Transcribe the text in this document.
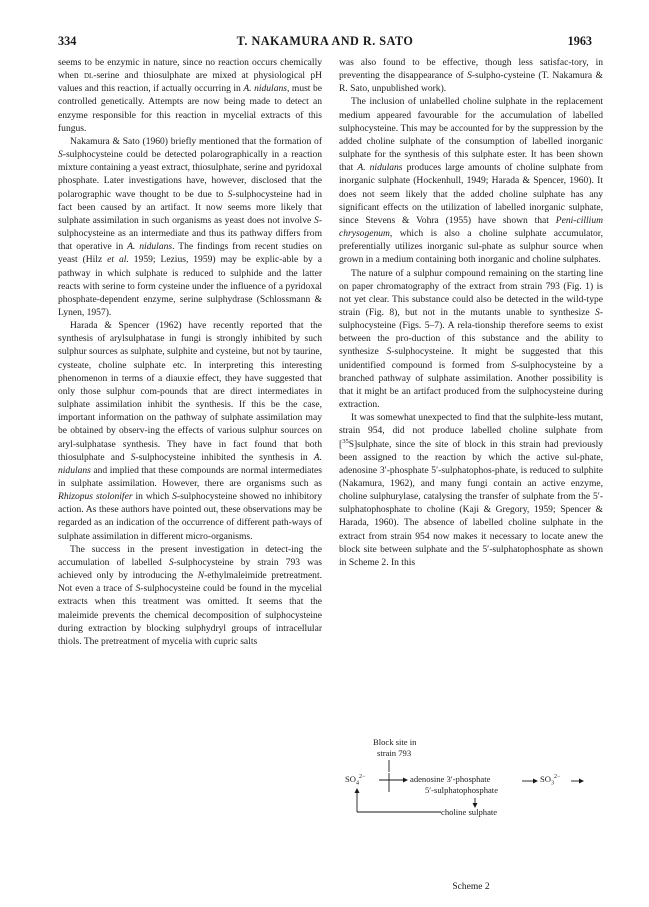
334	T. NAKAMURA AND R. SATO	1963

seems to be enzymic in nature, since no reaction occurs chemically when dl-serine and thiosulphate are mixed at physiological pH values and this reaction, if actually occurring in A. nidulans, must be controlled genetically. Attempts are now being made to detect an enzyme responsible for this reaction in mycelial extracts of this fungus.

Nakamura & Sato (1960) briefly mentioned that the formation of S-sulphocysteine could be detected polarographically in a reaction mixture containing a yeast extract, thiosulphate, serine and pyridoxal phosphate. Later investigations have, however, disclosed that the polarographic wave thought to be due to S-sulphocysteine had in fact been caused by an artifact. It now seems more likely that sulphate assimilation in such organisms as yeast does not involve S-sulphocysteine as an intermediate and thus its pathway differs from that operative in A. nidulans. The findings from recent studies on yeast (Hilz et al. 1959; Lezius, 1959) may be explic-able by a pathway in which sulphate is reduced to sulphide and the latter reacts with serine to form cysteine under the influence of a pyridoxal phosphate-dependent enzyme, serine sulphydrase (Schlossmann & Lynen, 1957).

Harada & Spencer (1962) have recently reported that the synthesis of arylsulphatase in fungi is strongly inhibited by such sulphur sources as sulphate, sulphite and cysteine, but not by taurine, cysteate, choline sulphate etc. In interpreting this interesting phenomenon in terms of a diauxie effect, they have suggested that only those sulphur com-pounds that are direct intermediates in sulphate assimilation inhibit the synthesis. If this be the case, important information on the pathway of sulphate assimilation may be obtained by observ-ing the effects of various sulphur sources on aryl-sulphatase synthesis. They have in fact found that both thiosulphate and S-sulphocysteine inhibited the synthesis in A. nidulans and implied that these compounds are normal intermediates in sulphate assimilation. However, there are organisms such as Rhizopus stolonifer in which S-sulphocysteine showed no inhibitory action. As these authors have pointed out, these observations may be regarded as an indication of the occurrence of different path-ways of sulphate assimilation in different micro-organisms.

The success in the present investigation in detect-ing the accumulation of labelled S-sulphocysteine by strain 793 was achieved only by introducing the N-ethylmaleimide pretreatment. Not even a trace of S-sulphocysteine could be found in the mycelial extracts when this treatment was omitted. It seems that the maleimide prevents the chemical decomposition of sulphocysteine during extraction by blocking sulphydryl groups of intracellular thiols. The pretreatment of mycelia with cupric salts

was also found to be effective, though less satisfac-tory, in preventing the disappearance of S-sulpho-cysteine (T. Nakamura & R. Sato, unpublished work).

The inclusion of unlabelled choline sulphate in the replacement medium appeared favourable for the accumulation of labelled sulphocysteine. This may be accounted for by the suppression by the added choline sulphate of the consumption of labelled inorganic sulphate for the synthesis of this sulphate ester. It has been shown that A. nidulans produces large amounts of choline sulphate from inorganic sulphate (Hockenhull, 1949; Harada & Spencer, 1960). It does not seem likely that the added choline sulphate has any significant effects on the utilization of labelled inorganic sulphate, since Stevens & Vohra (1955) have shown that Peni-cillium chrysogenum, which is also a choline sulphate accumulator, preferentially utilizes inorganic sul-phate as sulphur source when grown in a medium containing both inorganic and choline sulphates.

The nature of a sulphur compound remaining on the starting line on paper chromatography of the extract from strain 793 (Fig. 1) is not yet clear. This substance could also be detected in the wild-type strain (Fig. 8), but not in the mutants unable to synthesize S-sulphocysteine (Figs. 5–7). A rela-tionship therefore seems to exist between the pro-duction of this substance and the ability to synthesize S-sulphocysteine. It might be suggested that this unidentified compound is formed from S-sulphocysteine by a branched pathway of sulphate assimilation. Another possibility is that it might be an artifact produced from the sulphocysteine during extraction.

It was somewhat unexpected to find that the sulphite-less mutant, strain 954, did not produce labelled choline sulphate from [$^{35}$S]sulphate, since the site of block in this strain had previously been assigned to the reaction by which the active sul-phate, adenosine 3′-phosphate 5′-sulphatophos-phate, is reduced to sulphite (Nakamura, 1962), and many fungi contain an active enzyme, choline sulphurylase, catalysing the transfer of sulphate from the 5′-sulphatophosphate to choline (Kaji & Gregory, 1959; Spencer & Harada, 1960). The absence of labelled choline sulphate in the extract from strain 954 now makes it necessary to locate anew the block site between sulphate and the 5′-sulphatophosphate as shown in Scheme 2. In this

Block site in
strain 793
$SO_4^{2-}$	adenosine 3′-phosphate
5′-sulphatophosphate
$SO_3^{2-}$
choline sulphate
Scheme 2
